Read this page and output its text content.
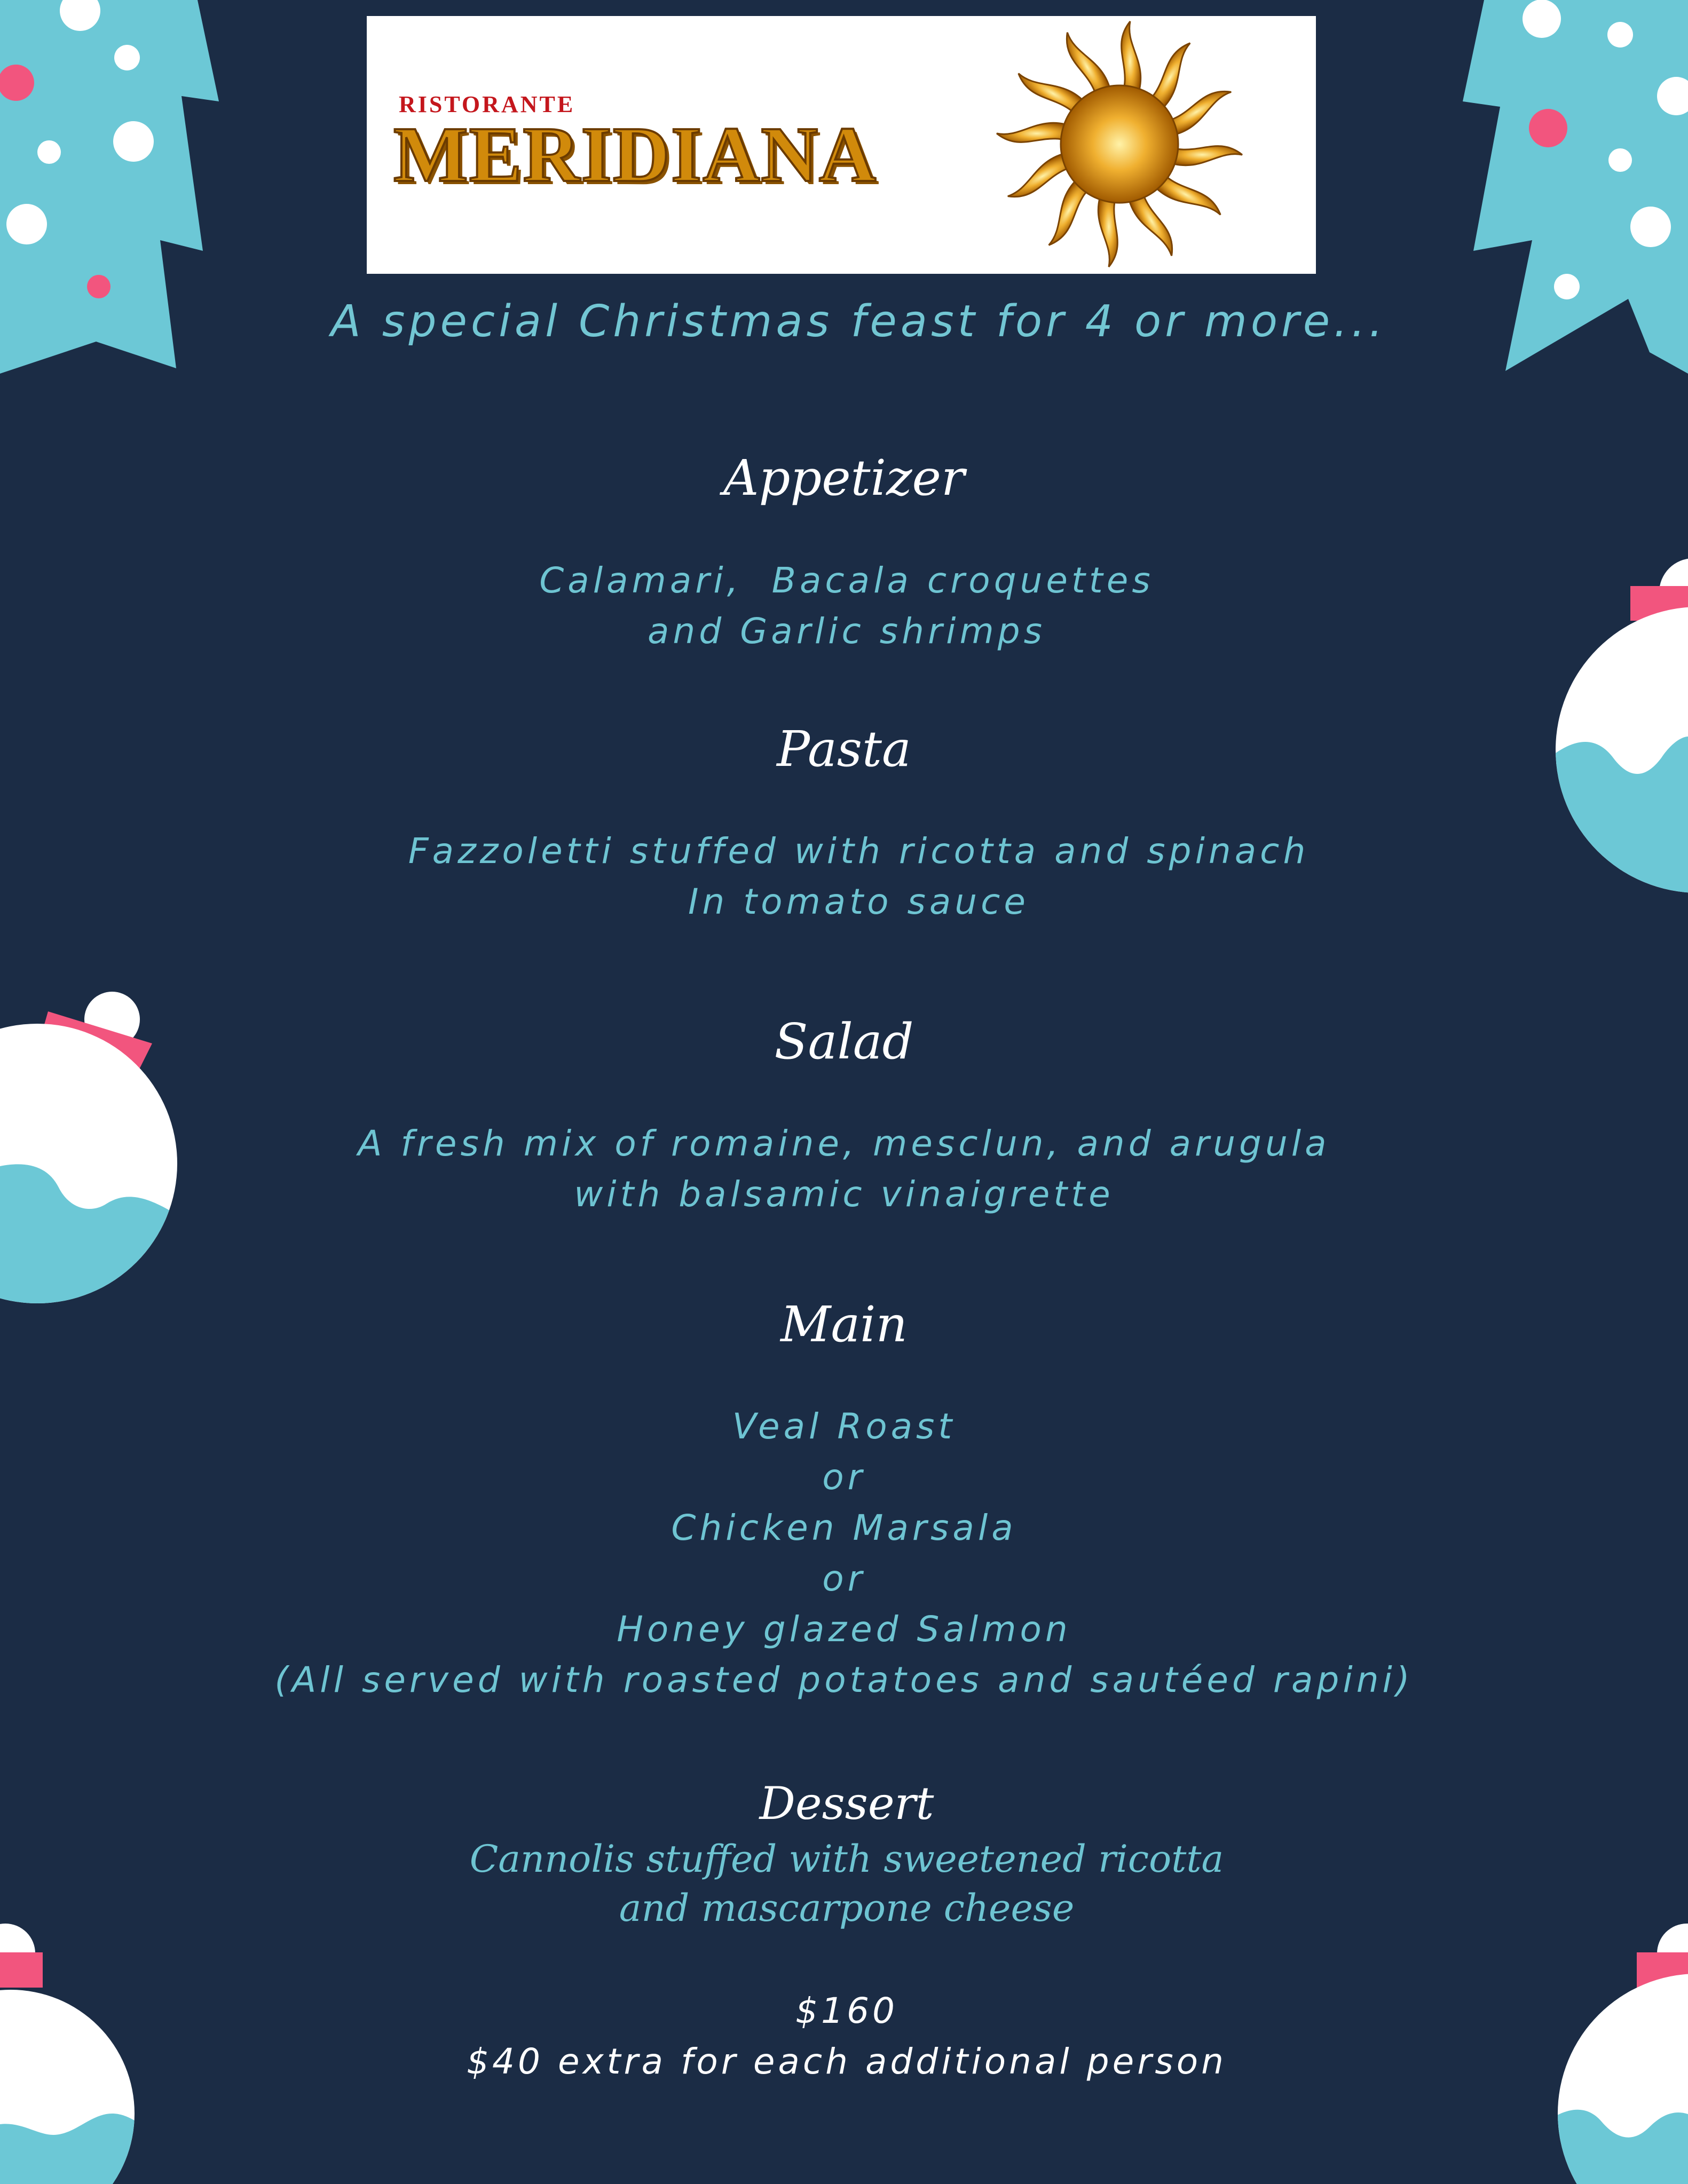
RISTORANTE
MERIDIANA
A special Christmas feast for 4 or more...
Appetizer
Calamari,  Bacala croquettes
and Garlic shrimps
Pasta
Fazzoletti stuffed with ricotta and spinach
In tomato sauce
Salad
A fresh mix of romaine, mesclun, and arugula
with balsamic vinaigrette
Main
Veal Roast
or
Chicken Marsala
or
Honey glazed Salmon
(All served with roasted potatoes and sautéed rapini)
Dessert
Cannolis stuffed with sweetened ricotta
and mascarpone cheese
$160
$40 extra for each additional person
